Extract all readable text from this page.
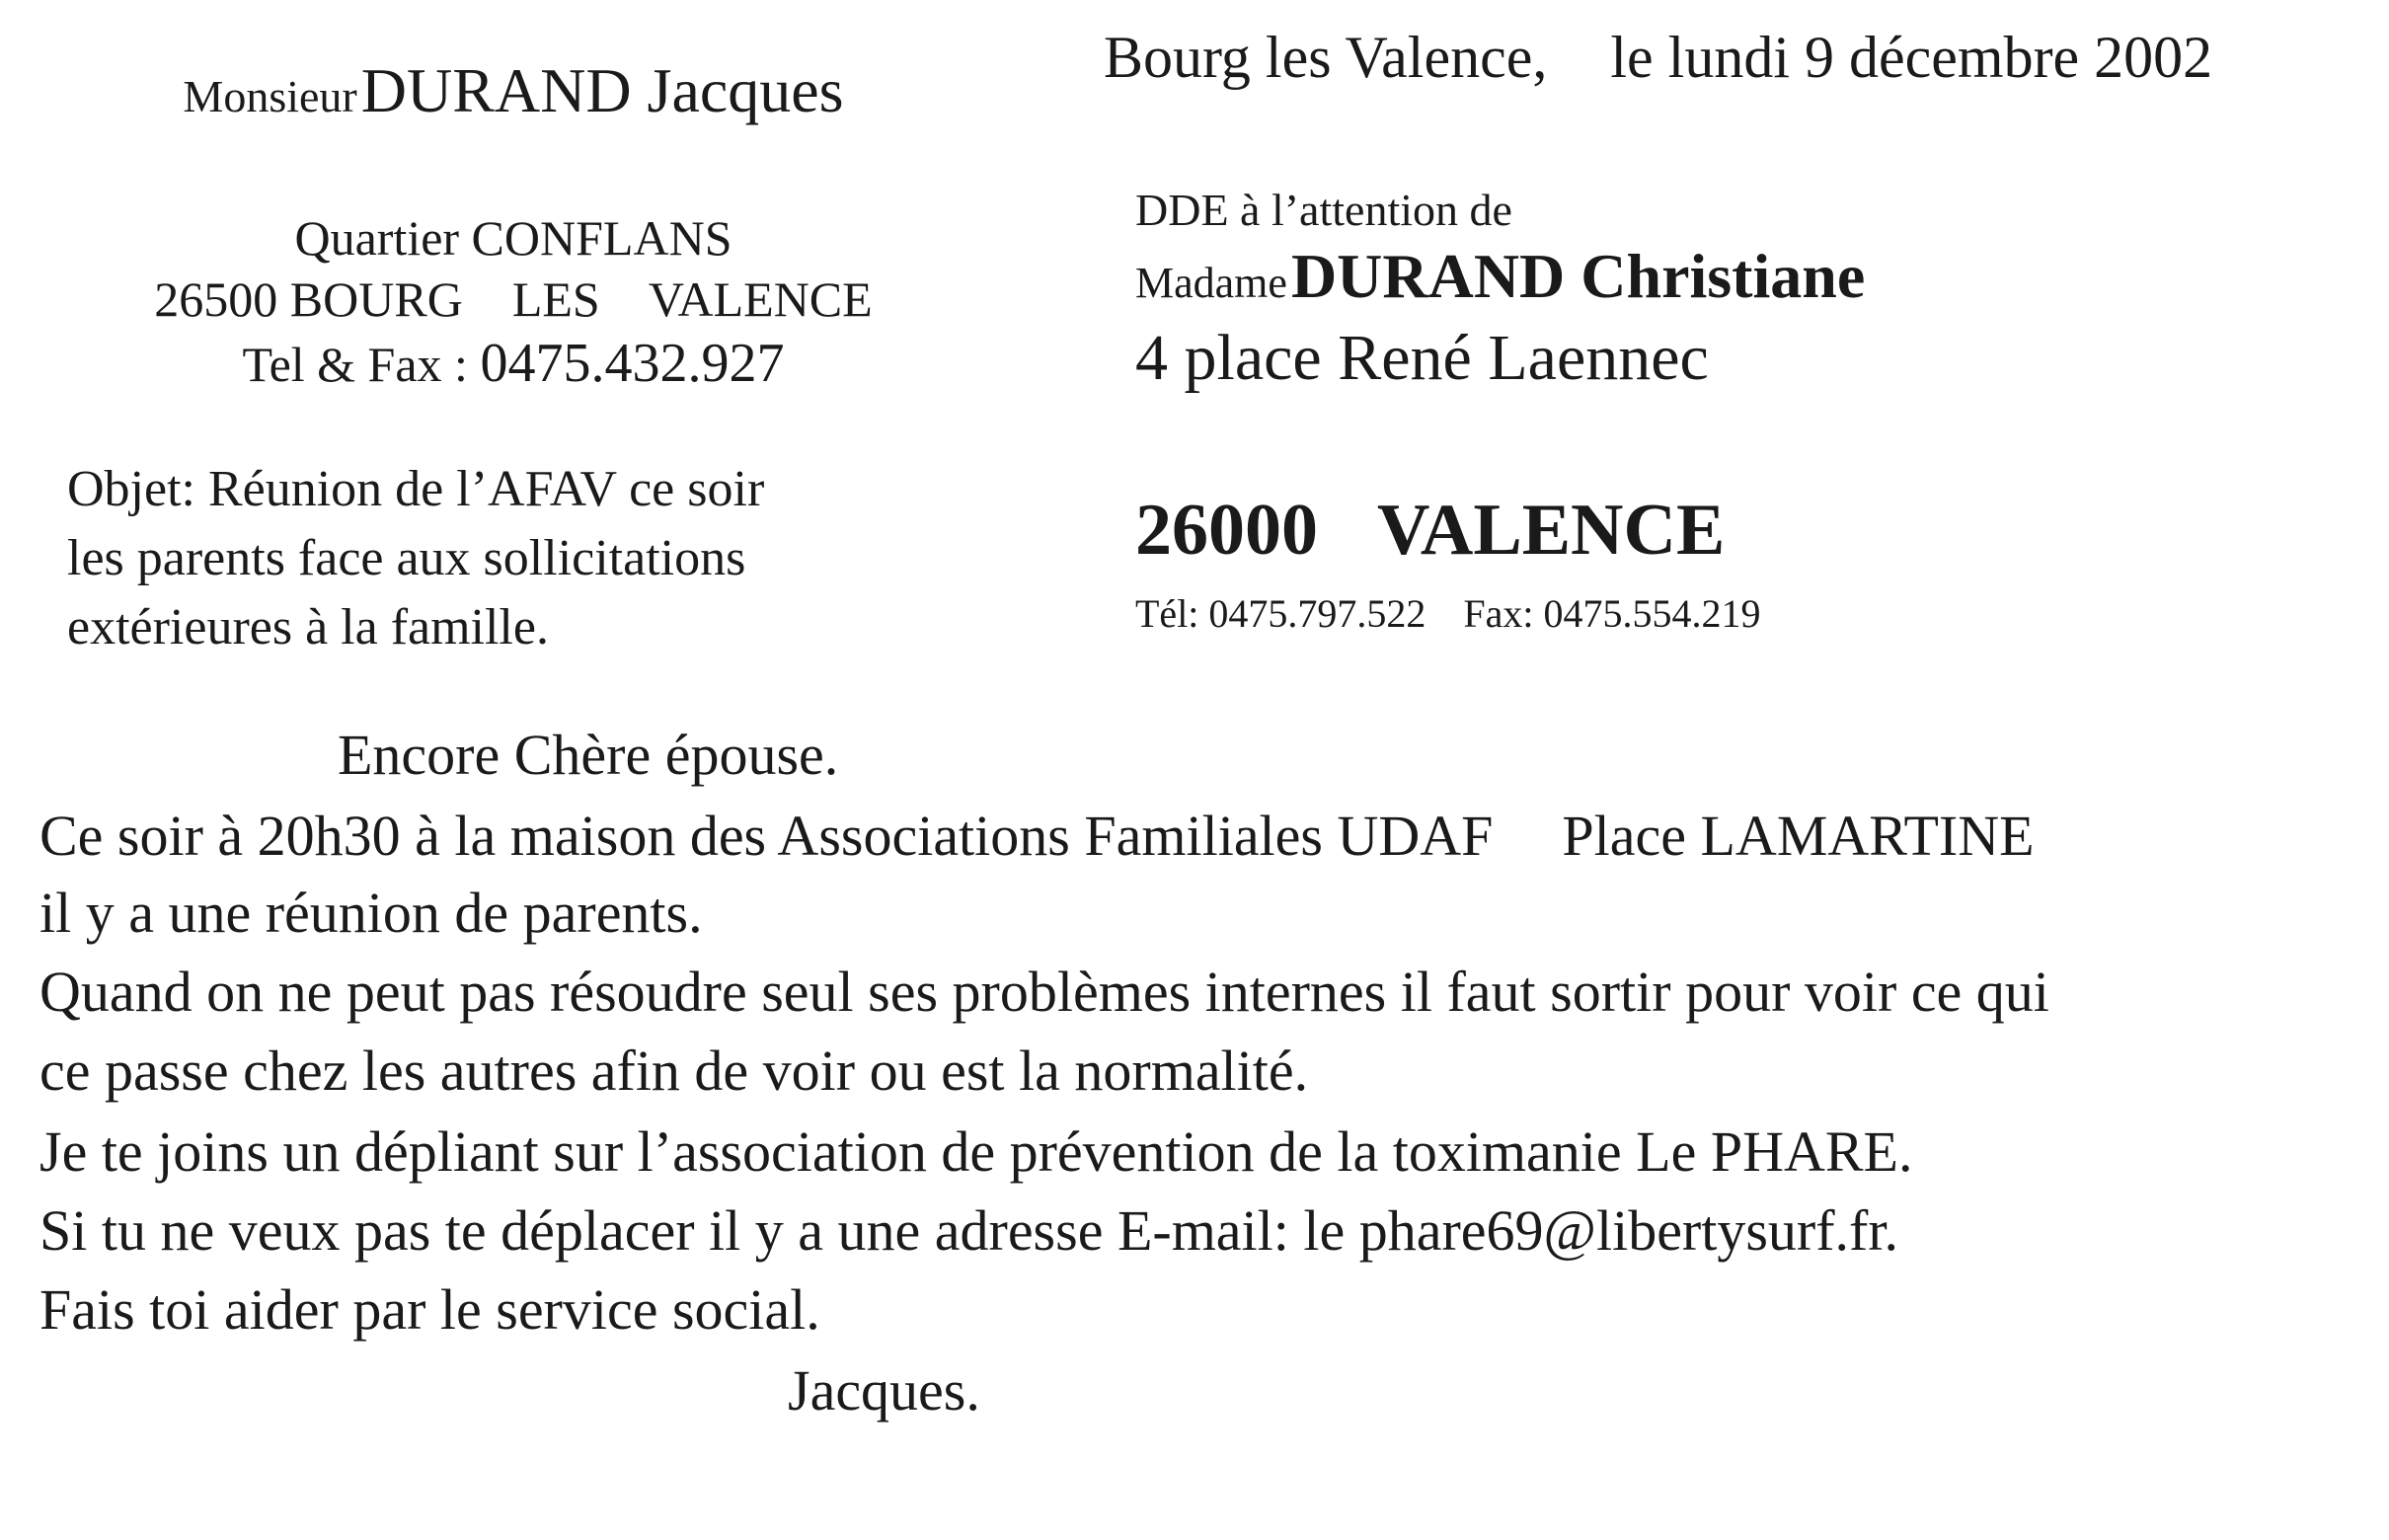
Monsieur DURAND Jacques
Quartier CONFLANS
26500 BOURG LES VALENCE
Tel & Fax : 0475.432.927
Objet: Réunion de l’AFAV ce soir
les parents face aux sollicitations
extérieures à la famille.
Bourg les Valence, le lundi 9 décembre 2002
DDE à l’attention de
Madame DURAND Christiane
4 place René Laennec
26000 VALENCE
Tél: 0475.797.522 Fax: 0475.554.219
Encore Chère épouse.
Ce soir à 20h30 à la maison des Associations Familiales UDAF Place LAMARTINE
il y a une réunion de parents.
Quand on ne peut pas résoudre seul ses problèmes internes il faut sortir pour voir ce qui
ce passe chez les autres afin de voir ou est la normalité.
Je te joins un dépliant sur l’association de prévention de la toximanie Le PHARE.
Si tu ne veux pas te déplacer il y a une adresse E-mail: le phare69@libertysurf.fr.
Fais toi aider par le service social.
Jacques.
